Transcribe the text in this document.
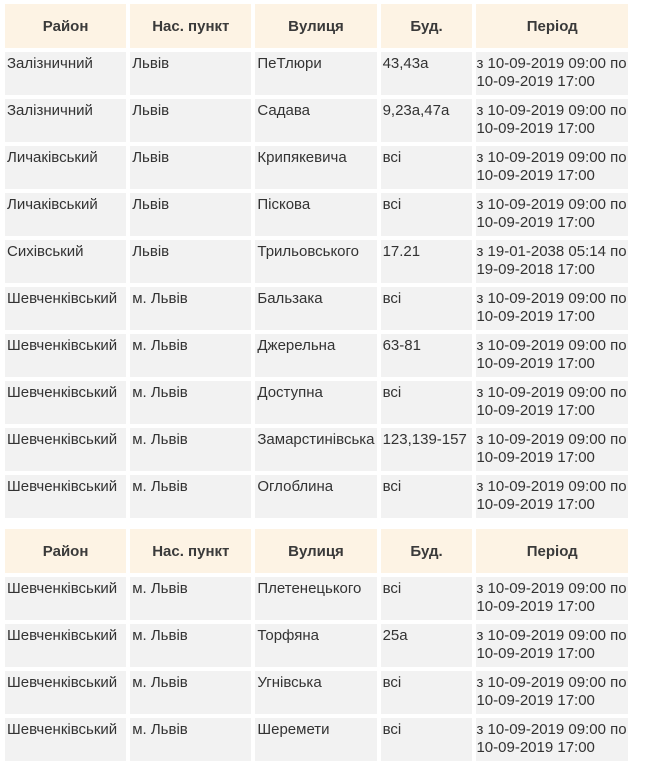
Район	Нас. пункт	Вулиця	Буд.	Період
Залізничний	Львів	ПеТлюри	43,43а	з 10-09-2019 09:00 по 10-09-2019 17:00
Залізничний	Львів	Садава	9,23а,47а	з 10-09-2019 09:00 по 10-09-2019 17:00
Личаківський	Львів	Крипякевича	всі	з 10-09-2019 09:00 по 10-09-2019 17:00
Личаківський	Львів	Піскова	всі	з 10-09-2019 09:00 по 10-09-2019 17:00
Сихівський	Львів	Трильовського	17.21	з 19-01-2038 05:14 по 19-09-2018 17:00
Шевченківський	м. Львів	Бальзака	всі	з 10-09-2019 09:00 по 10-09-2019 17:00
Шевченківський	м. Львів	Джерельна	63-81	з 10-09-2019 09:00 по 10-09-2019 17:00
Шевченківський	м. Львів	Доступна	всі	з 10-09-2019 09:00 по 10-09-2019 17:00
Шевченківський	м. Львів	Замарстинівська	123,139-157	з 10-09-2019 09:00 по 10-09-2019 17:00
Шевченківський	м. Львів	Оглоблина	всі	з 10-09-2019 09:00 по 10-09-2019 17:00
Район	Нас. пункт	Вулиця	Буд.	Період
Шевченківський	м. Львів	Плетенецького	всі	з 10-09-2019 09:00 по 10-09-2019 17:00
Шевченківський	м. Львів	Торфяна	25а	з 10-09-2019 09:00 по 10-09-2019 17:00
Шевченківський	м. Львів	Угнівська	всі	з 10-09-2019 09:00 по 10-09-2019 17:00
Шевченківський	м. Львів	Шеремети	всі	з 10-09-2019 09:00 по 10-09-2019 17:00
